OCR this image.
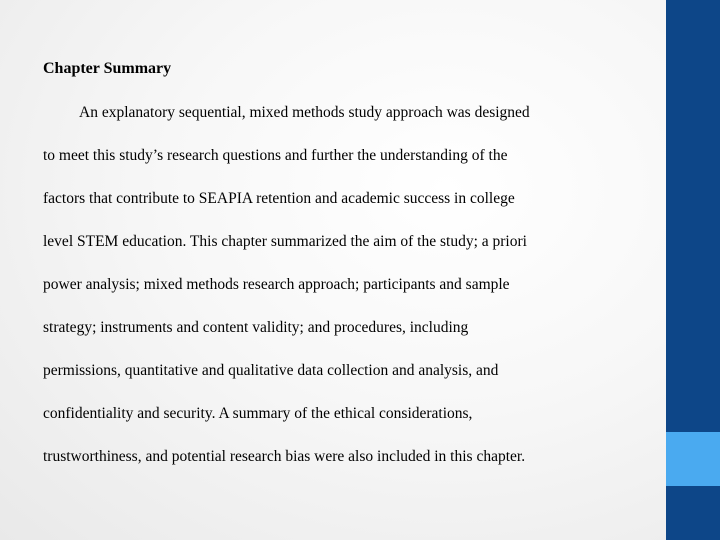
Chapter Summary

An explanatory sequential, mixed methods study approach was designed

to meet this study’s research questions and further the understanding of the

factors that contribute to SEAPIA retention and academic success in college

level STEM education. This chapter summarized the aim of the study; a priori

power analysis; mixed methods research approach; participants and sample

strategy; instruments and content validity; and procedures, including

permissions, quantitative and qualitative data collection and analysis, and

confidentiality and security. A summary of the ethical considerations,

trustworthiness, and potential research bias were also included in this chapter.
